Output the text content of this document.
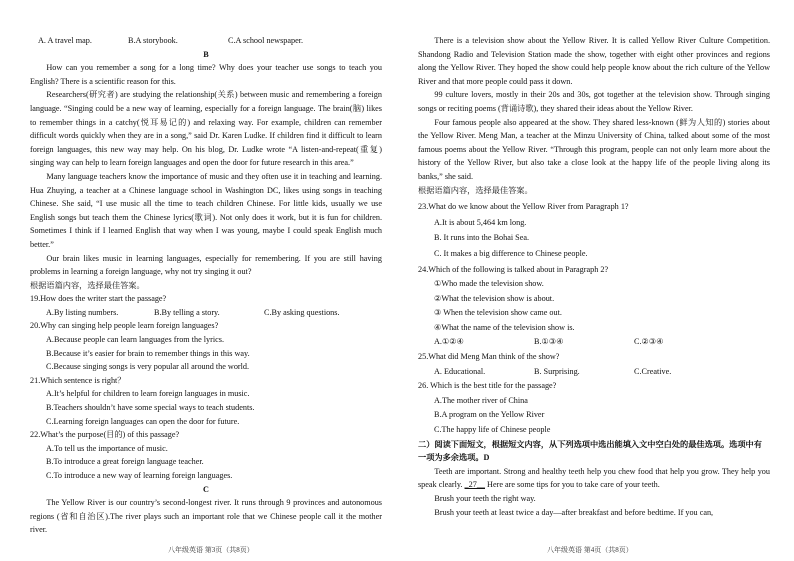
A. A travel map.	B.A storybook.	C.A school newspaper.

B

How can you remember a song for a long time? Why does your teacher use songs to teach you English? There is a scientific reason for this.

Researchers(研究者) are studying the relationship(关系) between music and remembering a foreign language. “Singing could be a new way of learning, especially for a foreign language. The brain(脑) likes to remember things in a catchy(悦耳易记的) and relaxing way. For example, children can remember difficult words quickly when they are in a song,” said Dr. Karen Ludke. If children find it difficult to learn foreign languages, this new way may help. On his blog, Dr. Ludke wrote “A listen-and-repeat(重复) singing way can help to learn foreign languages and open the door for future research in this area.”

Many language teachers know the importance of music and they often use it in teaching and learning. Hua Zhuying, a teacher at a Chinese language school in Washington DC, likes using songs in teaching Chinese. She said, “I use music all the time to teach children Chinese. For little kids, usually we use English songs but teach them the Chinese lyrics(歌词). Not only does it work, but it is fun for children. Sometimes I think if I learned English that way when I was young, maybe I could speak English much better.”

Our brain likes music in learning languages, especially for remembering. If you are still having problems in learning a foreign language, why not try singing it out?

根据语篇内容，选择最佳答案。

19.How does the writer start the passage?

A.By listing numbers.	B.By telling a story.	C.By asking questions.

20.Why can singing help people learn foreign languages?

A.Because people can learn languages from the lyrics.

B.Because it’s easier for brain to remember things in this way.

C.Because singing songs is very popular all around the world.

21.Which sentence is right？

A.It’s helpful for children to learn foreign languages in music.

B.Teachers shouldn’t have some special ways to teach students.

C.Learning foreign languages can open the door for future.

22.What’s the purpose(目的) of this passage?

A.To tell us the importance of music.

B.To introduce a great foreign language teacher.

C.To introduce a new way of learning foreign languages.

C

The Yellow River is our country’s second-longest river. It runs through 9 provinces and autonomous regions (省和自治区).The river plays such an important role that we Chinese people call it the mother river.

八年级英语 第3页（共8页）

There is a television show about the Yellow River. It is called Yellow River Culture Competition. Shandong Radio and Television Station made the show, together with eight other provinces and regions along the Yellow River. They hoped the show could help people know about the rich culture of the Yellow River and that more people could pass it down.

99 culture lovers, mostly in their 20s and 30s, got together at the television show. Through singing songs or reciting poems (背诵诗歌), they shared their ideas about the Yellow River.

Four famous people also appeared at the show. They shared less-known (鲜为人知的) stories about the Yellow River. Meng Man, a teacher at the Minzu University of China, talked about some of the most famous poems about the Yellow River. “Through this program, people can not only learn more about the history of the Yellow River, but also take a close look at the happy life of the people living along its banks,” she said.

根据语篇内容，选择最佳答案。

23.What do we know about the Yellow River from Paragraph 1?

A.It is about 5,464 km long.

B. It runs into the Bohai Sea.

C. It makes a big difference to Chinese people.

24.Which of the following is talked about in Paragraph 2?

①Who made the television show.

②What the television show is about.

③ When the television show came out.

④What the name of the television show is.

A.①②④	B.①③④	C.②③④

25.What did Meng Man think of the show?

A. Educational.	B. Surprising.	C.Creative.

26. Which is the best title for the passage?

A.The mother river of China

B.A program on the Yellow River

C.The happy life of Chinese people

二）阅读下面短文，根据短文内容，从下列选项中选出能填入文中空白处的最佳选项。选项中有一项为多余选项。D

Teeth are important. Strong and healthy teeth help you chew food that help you grow. They help you speak clearly. _27__ Here are some tips for you to take care of your teeth.

Brush your teeth the right way.

Brush your teeth at least twice a day—after breakfast and before bedtime. If you can,

八年级英语 第4页（共8页）
